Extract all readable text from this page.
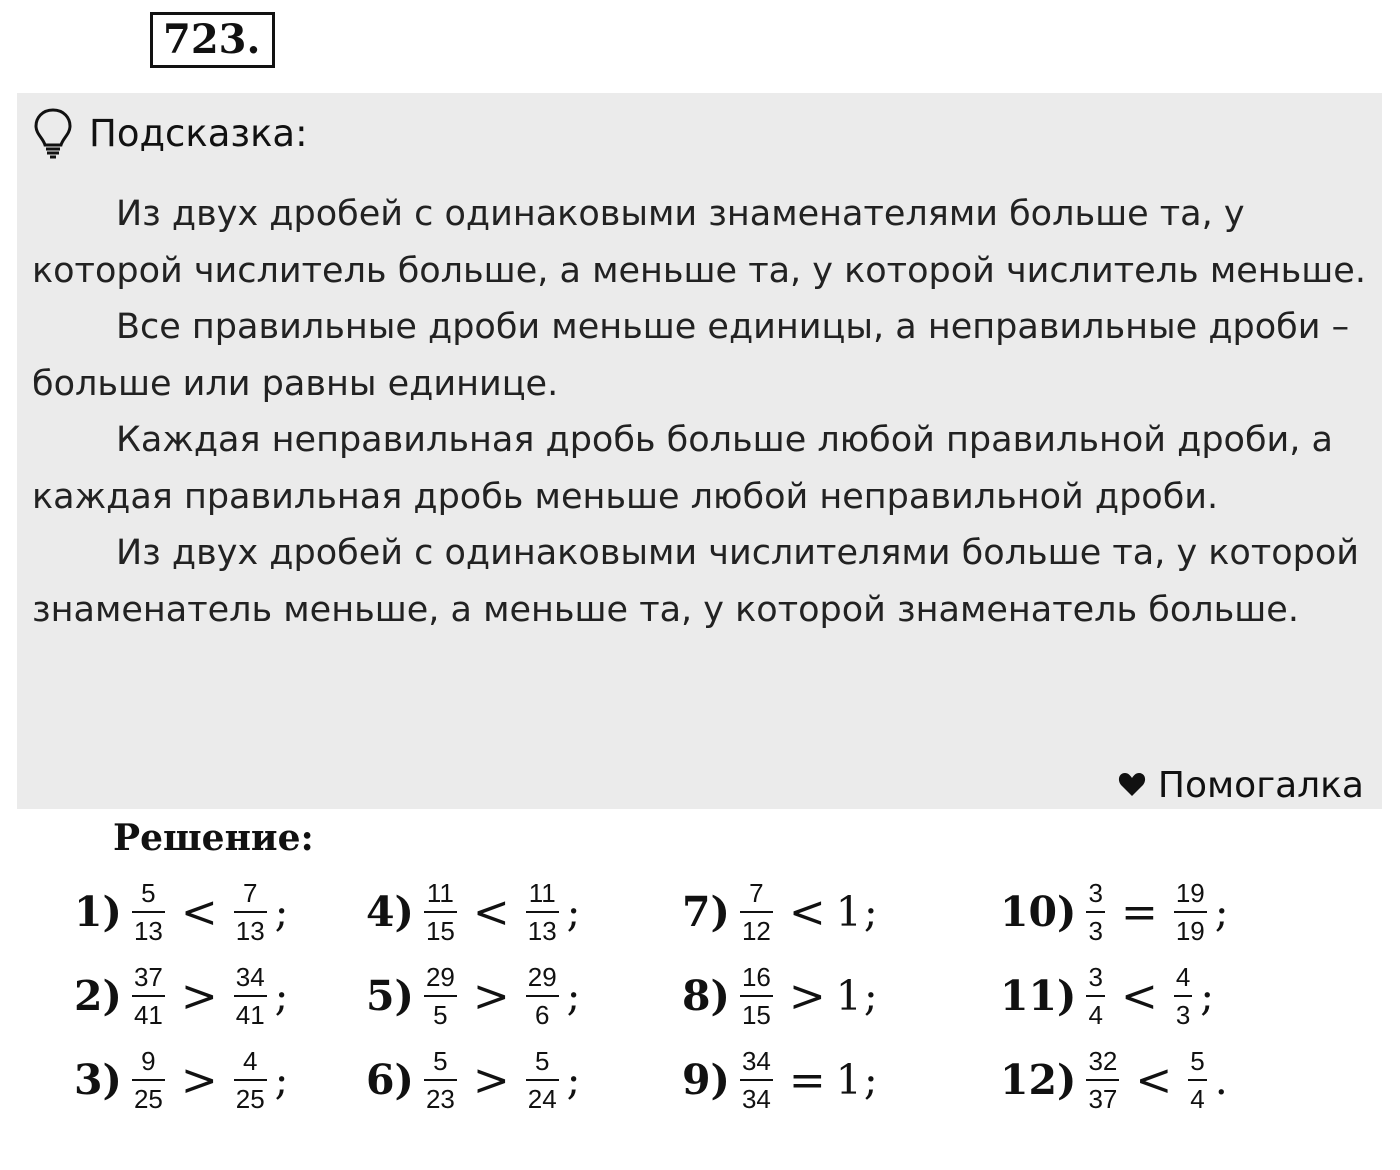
723.
Подсказка:

Из двух дробей с одинаковыми знаменателями больше та, у которой числитель больше, а меньше та, у которой числитель меньше.

Все правильные дроби меньше единицы, а неправильные дроби – больше или равны единице.

Каждая неправильная дробь больше любой правильной дроби, а каждая правильная дробь меньше любой неправильной дроби.

Из двух дробей с одинаковыми числителями больше та, у которой знаменатель меньше, а меньше та, у которой знаменатель больше.

Помогалка
Решение:
$1) \frac{5}{13} < \frac{7}{13}$ ;
$2) \frac{37}{41} > \frac{34}{41}$ ;
$3) \frac{9}{25} > \frac{4}{25}$ ;
$4) \frac{11}{15} < \frac{11}{13}$ ;
$5) \frac{29}{5} > \frac{29}{6}$ ;
$6) \frac{5}{23} > \frac{5}{24}$ ;
$7) \frac{7}{12} < 1$ ;
$8) \frac{16}{15} > 1$ ;
$9) \frac{34}{34} = 1$ ;
$10) \frac{3}{3} = \frac{19}{19}$ ;
$11) \frac{3}{4} < \frac{4}{3}$ ;
$12) \frac{32}{37} < \frac{5}{4}$ .
